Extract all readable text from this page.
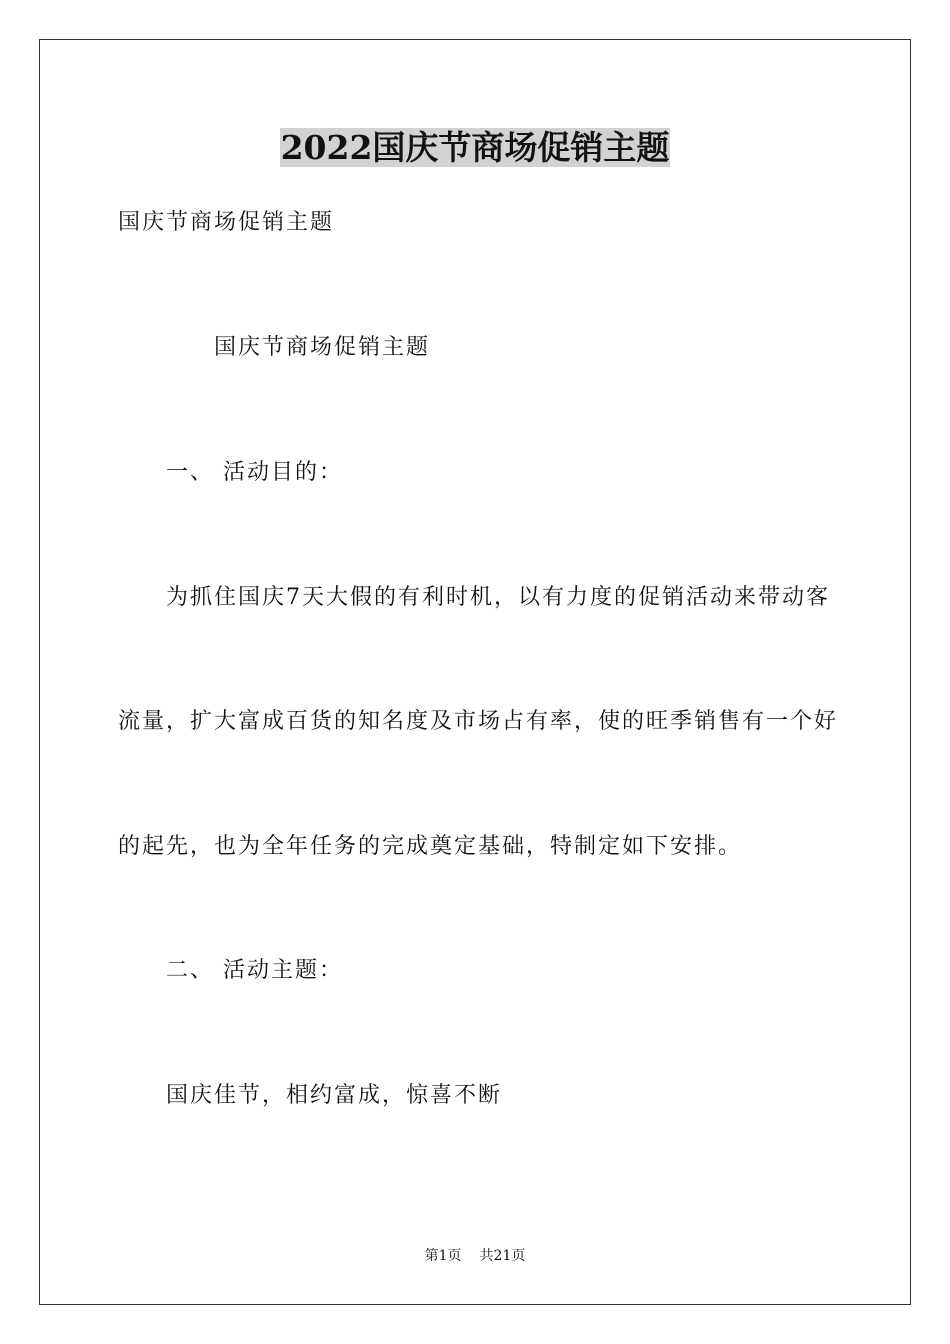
2022国庆节商场促销主题
国庆节商场促销主题
国庆节商场促销主题
一、 活动目的：
为抓住国庆7天大假的有利时机，以有力度的促销活动来带动客
流量，扩大富成百货的知名度及市场占有率，使的旺季销售有一个好
的起先，也为全年任务的完成奠定基础，特制定如下安排。
二、 活动主题：
国庆佳节，相约富成，惊喜不断
第1页 共21页
